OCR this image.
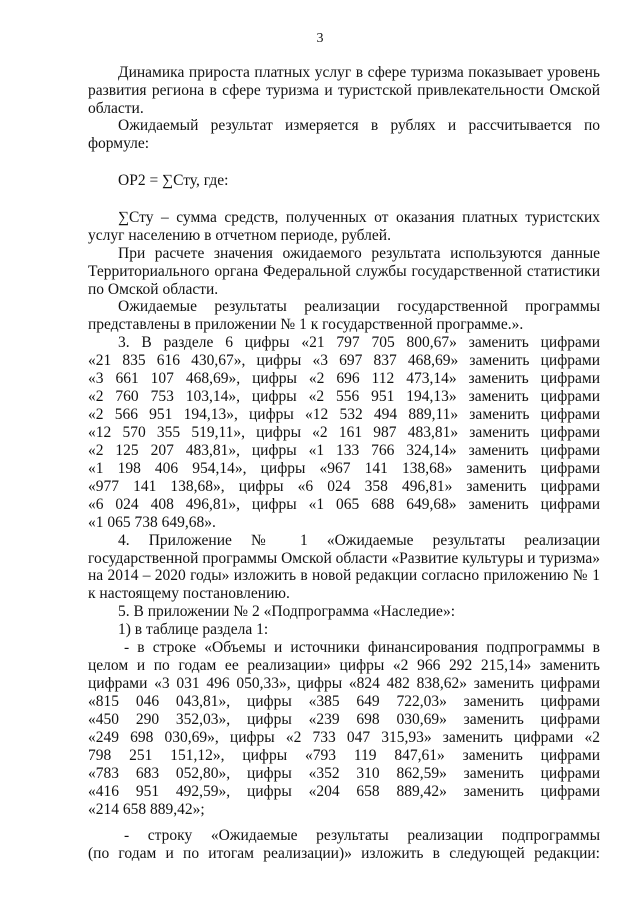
3
Динамика прироста платных услуг в сфере туризма показывает уровень
развития региона в сфере туризма и туристской привлекательности Омской
области.
Ожидаемый результат измеряется в рублях и рассчитывается по
формуле:
ОР2 = ∑Сту, где:
∑Сту – сумма средств, полученных от оказания платных туристских
услуг населению в отчетном периоде, рублей.
При расчете значения ожидаемого результата используются данные
Территориального органа Федеральной службы государственной статистики
по Омской области.
Ожидаемые результаты реализации государственной программы
представлены в приложении № 1 к государственной программе.».
3. В разделе 6 цифры «21 797 705 800,67» заменить цифрами
«21 835 616 430,67», цифры «3 697 837 468,69» заменить цифрами
«3 661 107 468,69», цифры «2 696 112 473,14» заменить цифрами
«2 760 753 103,14», цифры «2 556 951 194,13» заменить цифрами
«2 566 951 194,13», цифры «12 532 494 889,11» заменить цифрами
«12 570 355 519,11», цифры «2 161 987 483,81» заменить цифрами
«2 125 207 483,81», цифры «1 133 766 324,14» заменить цифрами
«1 198 406 954,14», цифры «967 141 138,68» заменить цифрами
«977 141 138,68», цифры «6 024 358 496,81» заменить цифрами
«6 024 408 496,81», цифры «1 065 688 649,68» заменить цифрами
«1 065 738 649,68».
4. Приложение № 1 «Ожидаемые результаты реализации
государственной программы Омской области «Развитие культуры и туризма»
на 2014 – 2020 годы» изложить в новой редакции согласно приложению № 1
к настоящему постановлению.
5. В приложении № 2 «Подпрограмма «Наследие»:
1) в таблице раздела 1:
- в строке «Объемы и источники финансирования подпрограммы в
целом и по годам ее реализации» цифры «2 966 292 215,14» заменить
цифрами «3 031 496 050,33», цифры «824 482 838,62» заменить цифрами
«815 046 043,81», цифры «385 649 722,03» заменить цифрами
«450 290 352,03», цифры «239 698 030,69» заменить цифрами
«249 698 030,69», цифры «2 733 047 315,93» заменить цифрами «2
798 251 151,12», цифры «793 119 847,61» заменить цифрами
«783 683 052,80», цифры «352 310 862,59» заменить цифрами
«416 951 492,59», цифры «204 658 889,42» заменить цифрами
«214 658 889,42»;
- строку «Ожидаемые результаты реализации подпрограммы
(по годам и по итогам реализации)» изложить в следующей редакции:
